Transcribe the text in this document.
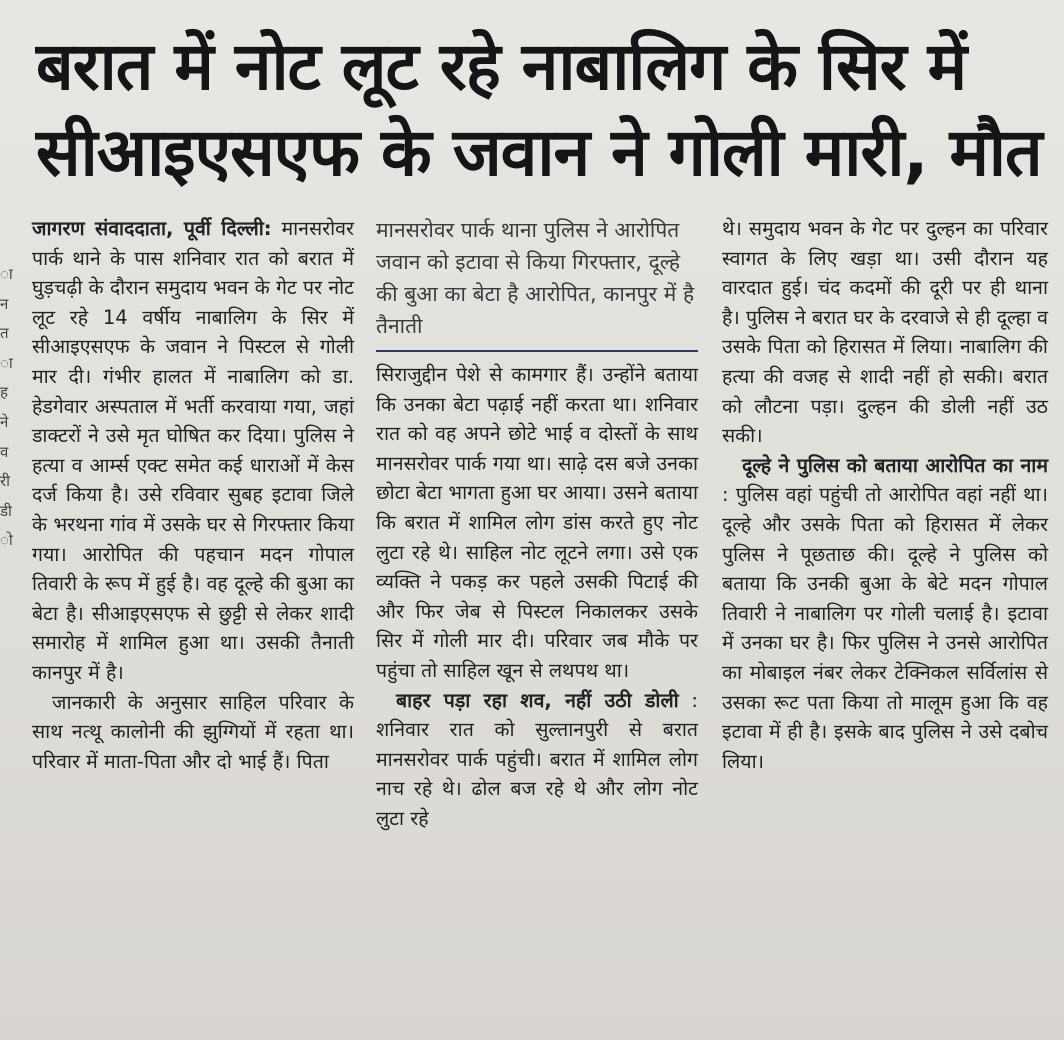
ा
न
त
ा
ह
ने
व
री
डी
ो
बरात में नोट लूट रहे नाबालिग के सिर में
सीआइएसएफ के जवान ने गोली मारी, मौत

जागरण संवाददाता, पूर्वी दिल्ली: मानसरोवर पार्क थाने के पास शनिवार रात को बरात में घुड़चढ़ी के दौरान समुदाय भवन के गेट पर नोट लूट रहे 14 वर्षीय नाबालिग के सिर में सीआइएसएफ के जवान ने पिस्टल से गोली मार दी। गंभीर हालत में नाबालिग को डा. हेडगेवार अस्पताल में भर्ती करवाया गया, जहां डाक्टरों ने उसे मृत घोषित कर दिया। पुलिस ने हत्या व आर्म्स एक्ट समेत कई धाराओं में केस दर्ज किया है। उसे रविवार सुबह इटावा जिले के भरथना गांव में उसके घर से गिरफ्तार किया गया। आरोपित की पहचान मदन गोपाल तिवारी के रूप में हुई है। वह दूल्हे की बुआ का बेटा है। सीआइएसएफ से छुट्टी से लेकर शादी समारोह में शामिल हुआ था। उसकी तैनाती कानपुर में है।

जानकारी के अनुसार साहिल परिवार के साथ नत्थू कालोनी की झुग्गियों में रहता था। परिवार में माता-पिता और दो भाई हैं। पिता

मानसरोवर पार्क थाना पुलिस ने आरोपित जवान को इटावा से किया गिरफ्तार, दूल्हे की बुआ का बेटा है आरोपित, कानपुर में है तैनाती

सिराजुद्दीन पेशे से कामगार हैं। उन्होंने बताया कि उनका बेटा पढ़ाई नहीं करता था। शनिवार रात को वह अपने छोटे भाई व दोस्तों के साथ मानसरोवर पार्क गया था। साढ़े दस बजे उनका छोटा बेटा भागता हुआ घर आया। उसने बताया कि बरात में शामिल लोग डांस करते हुए नोट लुटा रहे थे। साहिल नोट लूटने लगा। उसे एक व्यक्ति ने पकड़ कर पहले उसकी पिटाई की और फिर जेब से पिस्टल निकालकर उसके सिर में गोली मार दी। परिवार जब मौके पर पहुंचा तो साहिल खून से लथपथ था।

बाहर पड़ा रहा शव, नहीं उठी डोली : शनिवार रात को सुल्तानपुरी से बरात मानसरोवर पार्क पहुंची। बरात में शामिल लोग नाच रहे थे। ढोल बज रहे थे और लोग नोट लुटा रहे

थे। समुदाय भवन के गेट पर दुल्हन का परिवार स्वागत के लिए खड़ा था। उसी दौरान यह वारदात हुई। चंद कदमों की दूरी पर ही थाना है। पुलिस ने बरात घर के दरवाजे से ही दूल्हा व उसके पिता को हिरासत में लिया। नाबालिग की हत्या की वजह से शादी नहीं हो सकी। बरात को लौटना पड़ा। दुल्हन की डोली नहीं उठ सकी।

दूल्हे ने पुलिस को बताया आरोपित का नाम : पुलिस वहां पहुंची तो आरोपित वहां नहीं था। दूल्हे और उसके पिता को हिरासत में लेकर पुलिस ने पूछताछ की। दूल्हे ने पुलिस को बताया कि उनकी बुआ के बेटे मदन गोपाल तिवारी ने नाबालिग पर गोली चलाई है। इटावा में उनका घर है। फिर पुलिस ने उनसे आरोपित का मोबाइल नंबर लेकर टेक्निकल सर्विलांस से उसका रूट पता किया तो मालूम हुआ कि वह इटावा में ही है। इसके बाद पुलिस ने उसे दबोच लिया।
